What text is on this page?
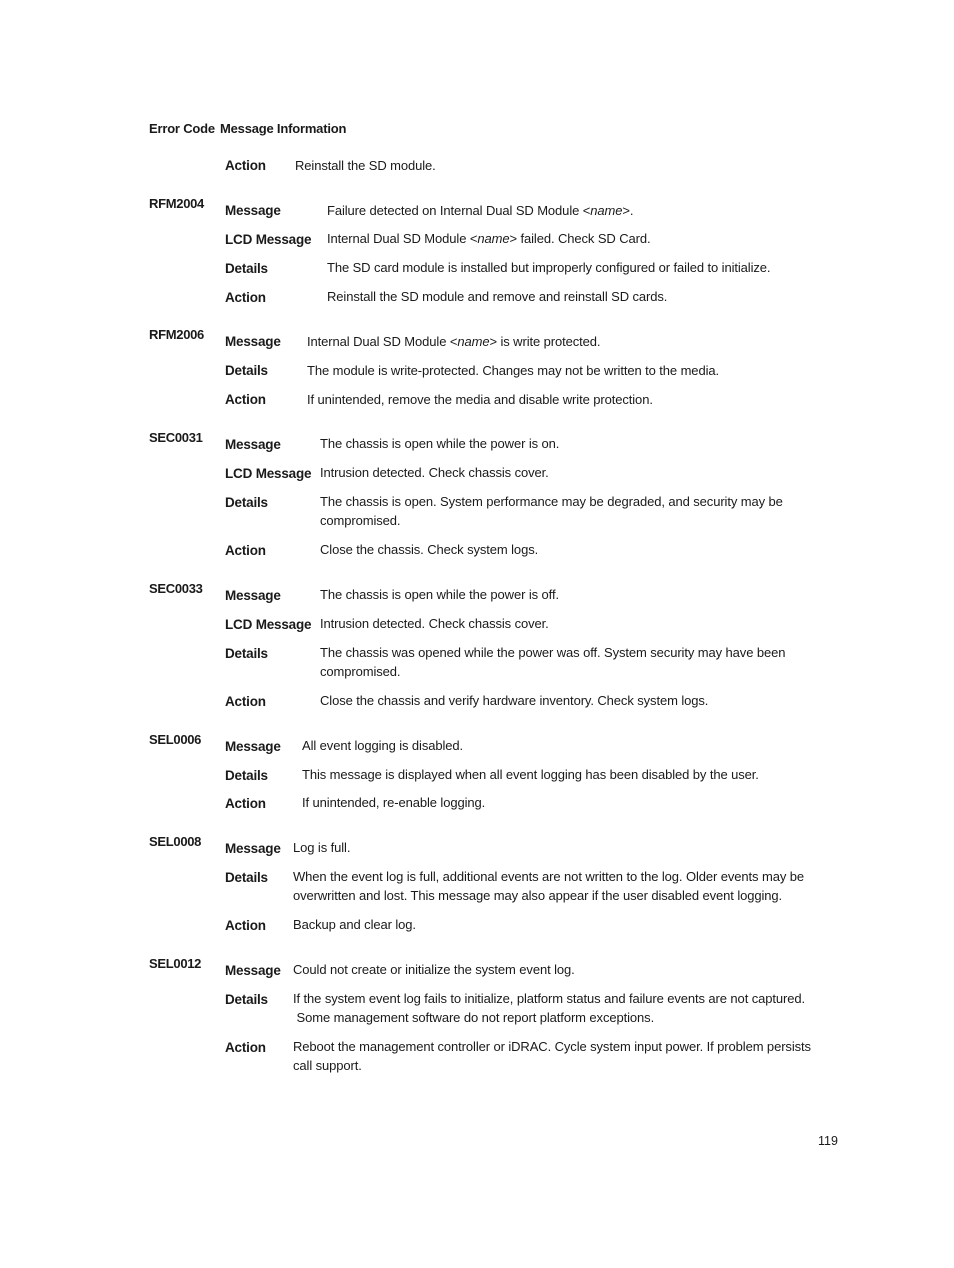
Error Code Message Information
Action Reinstall the SD module.
RFM2004 Message	Failure detected on Internal Dual SD Module <name>.
LCD Message Internal Dual SD Module <name> failed. Check SD Card.
Details	The SD card module is installed but improperly configured or failed to initialize.
Action	Reinstall the SD module and remove and reinstall SD cards.
RFM2006 Message Internal Dual SD Module <name> is write protected.
Details	The module is write-protected. Changes may not be written to the media.
Action	If unintended, remove the media and disable write protection.
SEC0031 Message	The chassis is open while the power is on.
LCD Message Intrusion detected. Check chassis cover.
Details	The chassis is open. System performance may be degraded, and security may be
compromised.
Action	Close the chassis. Check system logs.
SEC0033 Message	The chassis is open while the power is off.
LCD Message Intrusion detected. Check chassis cover.
Details	The chassis was opened while the power was off. System security may have been
compromised.
Action	Close the chassis and verify hardware inventory. Check system logs.
SEL0006 Message All event logging is disabled.
Details	This message is displayed when all event logging has been disabled by the user.
Action	If unintended, re-enable logging.
SEL0008 Message Log is full.
Details When the event log is full, additional events are not written to the log. Older events may be
overwritten and lost. This message may also appear if the user disabled event logging.
Action Backup and clear log.
SEL0012 Message Could not create or initialize the system event log.
Details If the system event log fails to initialize, platform status and failure events are not captured.
Some management software do not report platform exceptions.
Action Reboot the management controller or iDRAC. Cycle system input power. If problem persists
call support.
119
